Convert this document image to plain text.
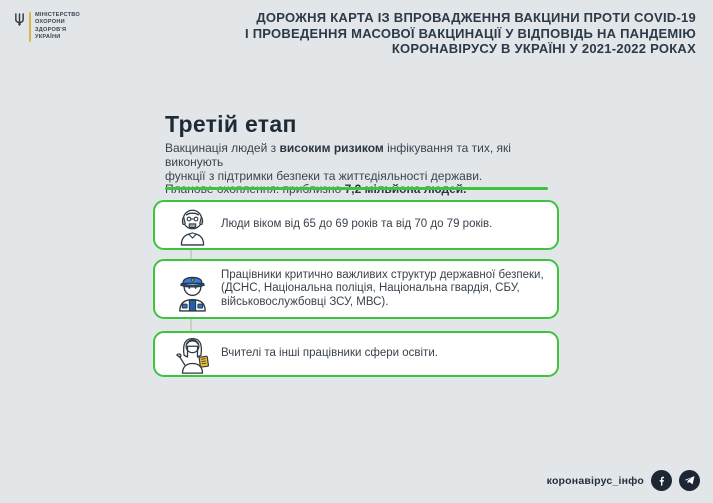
МІНІСТЕРСТВО
ОХОРОНИ
ЗДОРОВ'Я
УКРАЇНИ
ДОРОЖНЯ КАРТА ІЗ ВПРОВАДЖЕННЯ ВАКЦИНИ ПРОТИ COVID-19
І ПРОВЕДЕННЯ МАСОВОЇ ВАКЦИНАЦІЇ У ВІДПОВІДЬ НА ПАНДЕМІЮ
КОРОНАВІРУСУ В УКРАЇНІ У 2021-2022 РОКАХ
Третій етап
Вакцинація людей з високим ризиком інфікування та тих, які виконують
функції з підтримки безпеки та життєдіяльності держави.

Люди віком від 65 до 69 років та від 70 до 79 років.
Працівники критично важливих структур державної безпеки,
(ДСНС, Національна поліція, Національна гвардія, СБУ,
військовослужбовці ЗСУ, МВС).
Вчителі та інші працівники сфери освіти.
коронавірус_інфо
